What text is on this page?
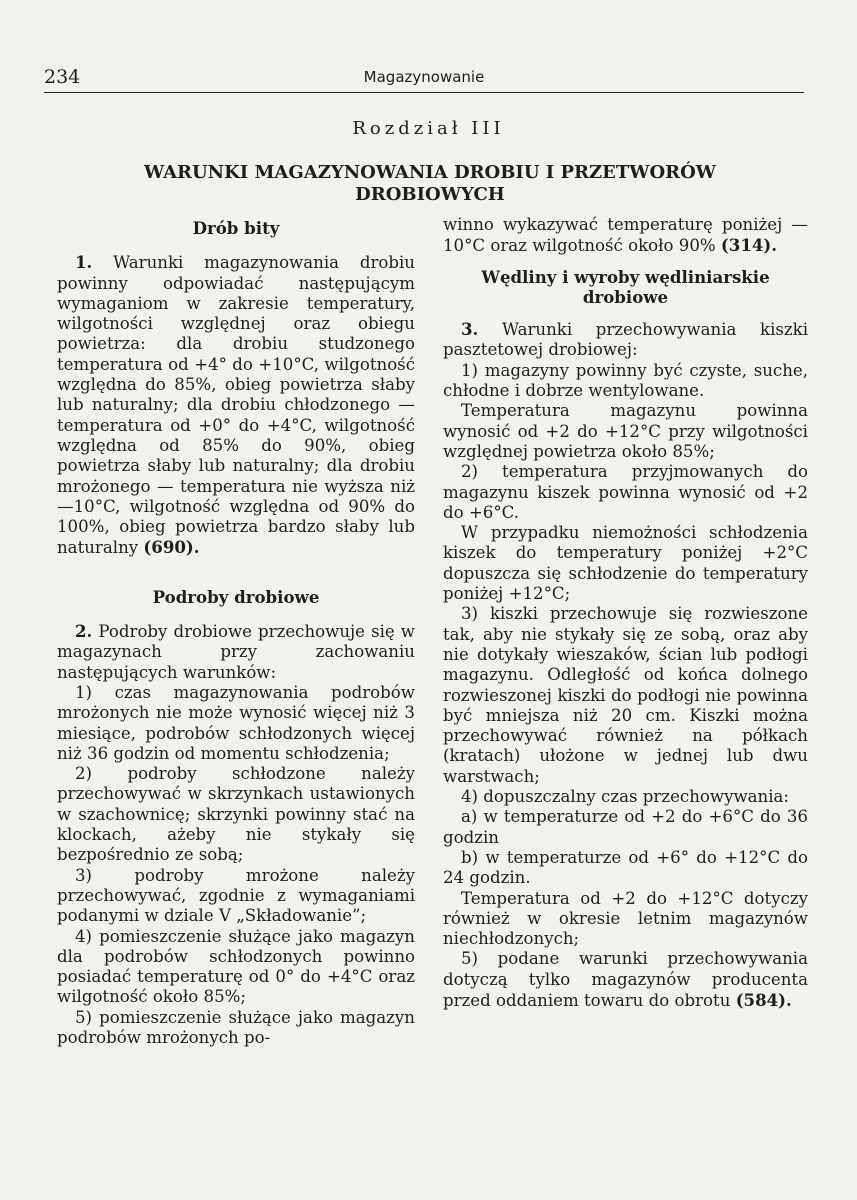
234	Magazynowanie
Rozdział III
WARUNKI MAGAZYNOWANIA DROBIU I PRZETWORÓW DROBIOWYCH
Drób bity

1. Warunki magazynowania drobiu powinny odpowiadać następującym wymaganiom w zakresie temperatury, wilgotności względnej oraz obiegu powietrza: dla drobiu studzonego temperatura od +4° do +10°C, wilgotność względna do 85%, obieg powietrza słaby lub naturalny; dla drobiu chłodzonego — temperatura od +0° do +4°C, wilgotność względna od 85% do 90%, obieg powietrza słaby lub naturalny; dla drobiu mrożonego — temperatura nie wyższa niż —10°C, wilgotność względna od 90% do 100%, obieg powietrza bardzo słaby lub naturalny (690).

Podroby drobiowe

2. Podroby drobiowe przechowuje się w magazynach przy zachowaniu następujących warunków:

1) czas magazynowania podrobów mrożonych nie może wynosić więcej niż 3 miesiące, podrobów schłodzonych więcej niż 36 godzin od momentu schłodzenia;

2) podroby schłodzone należy przechowywać w skrzynkach ustawionych w szachownicę; skrzynki powinny stać na klockach, ażeby nie stykały się bezpośrednio ze sobą;

3) podroby mrożone należy przechowywać, zgodnie z wymaganiami podanymi w dziale V „Składowanie”;

4) pomieszczenie służące jako magazyn dla podrobów schłodzonych powinno posiadać temperaturę od 0° do +4°C oraz wilgotność około 85%;

5) pomieszczenie służące jako magazyn podrobów mrożonych po-

winno wykazywać temperaturę poniżej —10°C oraz wilgotność około 90% (314).

Wędliny i wyroby wędliniarskie drobiowe

3. Warunki przechowywania kiszki pasztetowej drobiowej:

1) magazyny powinny być czyste, suche, chłodne i dobrze wentylowane.

Temperatura magazynu powinna wynosić od +2 do +12°C przy wilgotności względnej powietrza około 85%;

2) temperatura przyjmowanych do magazynu kiszek powinna wynosić od +2 do +6°C.

W przypadku niemożności schłodzenia kiszek do temperatury poniżej +2°C dopuszcza się schłodzenie do temperatury poniżej +12°C;

3) kiszki przechowuje się rozwieszone tak, aby nie stykały się ze sobą, oraz aby nie dotykały wieszaków, ścian lub podłogi magazynu. Odległość od końca dolnego rozwieszonej kiszki do podłogi nie powinna być mniejsza niż 20 cm. Kiszki można przechowywać również na półkach (kratach) ułożone w jednej lub dwu warstwach;

4) dopuszczalny czas przechowywania:

a) w temperaturze od +2 do +6°C do 36 godzin

b) w temperaturze od +6° do +12°C do 24 godzin.

Temperatura od +2 do +12°C dotyczy również w okresie letnim magazynów niechłodzonych;

5) podane warunki przechowywania dotyczą tylko magazynów producenta przed oddaniem towaru do obrotu (584).
